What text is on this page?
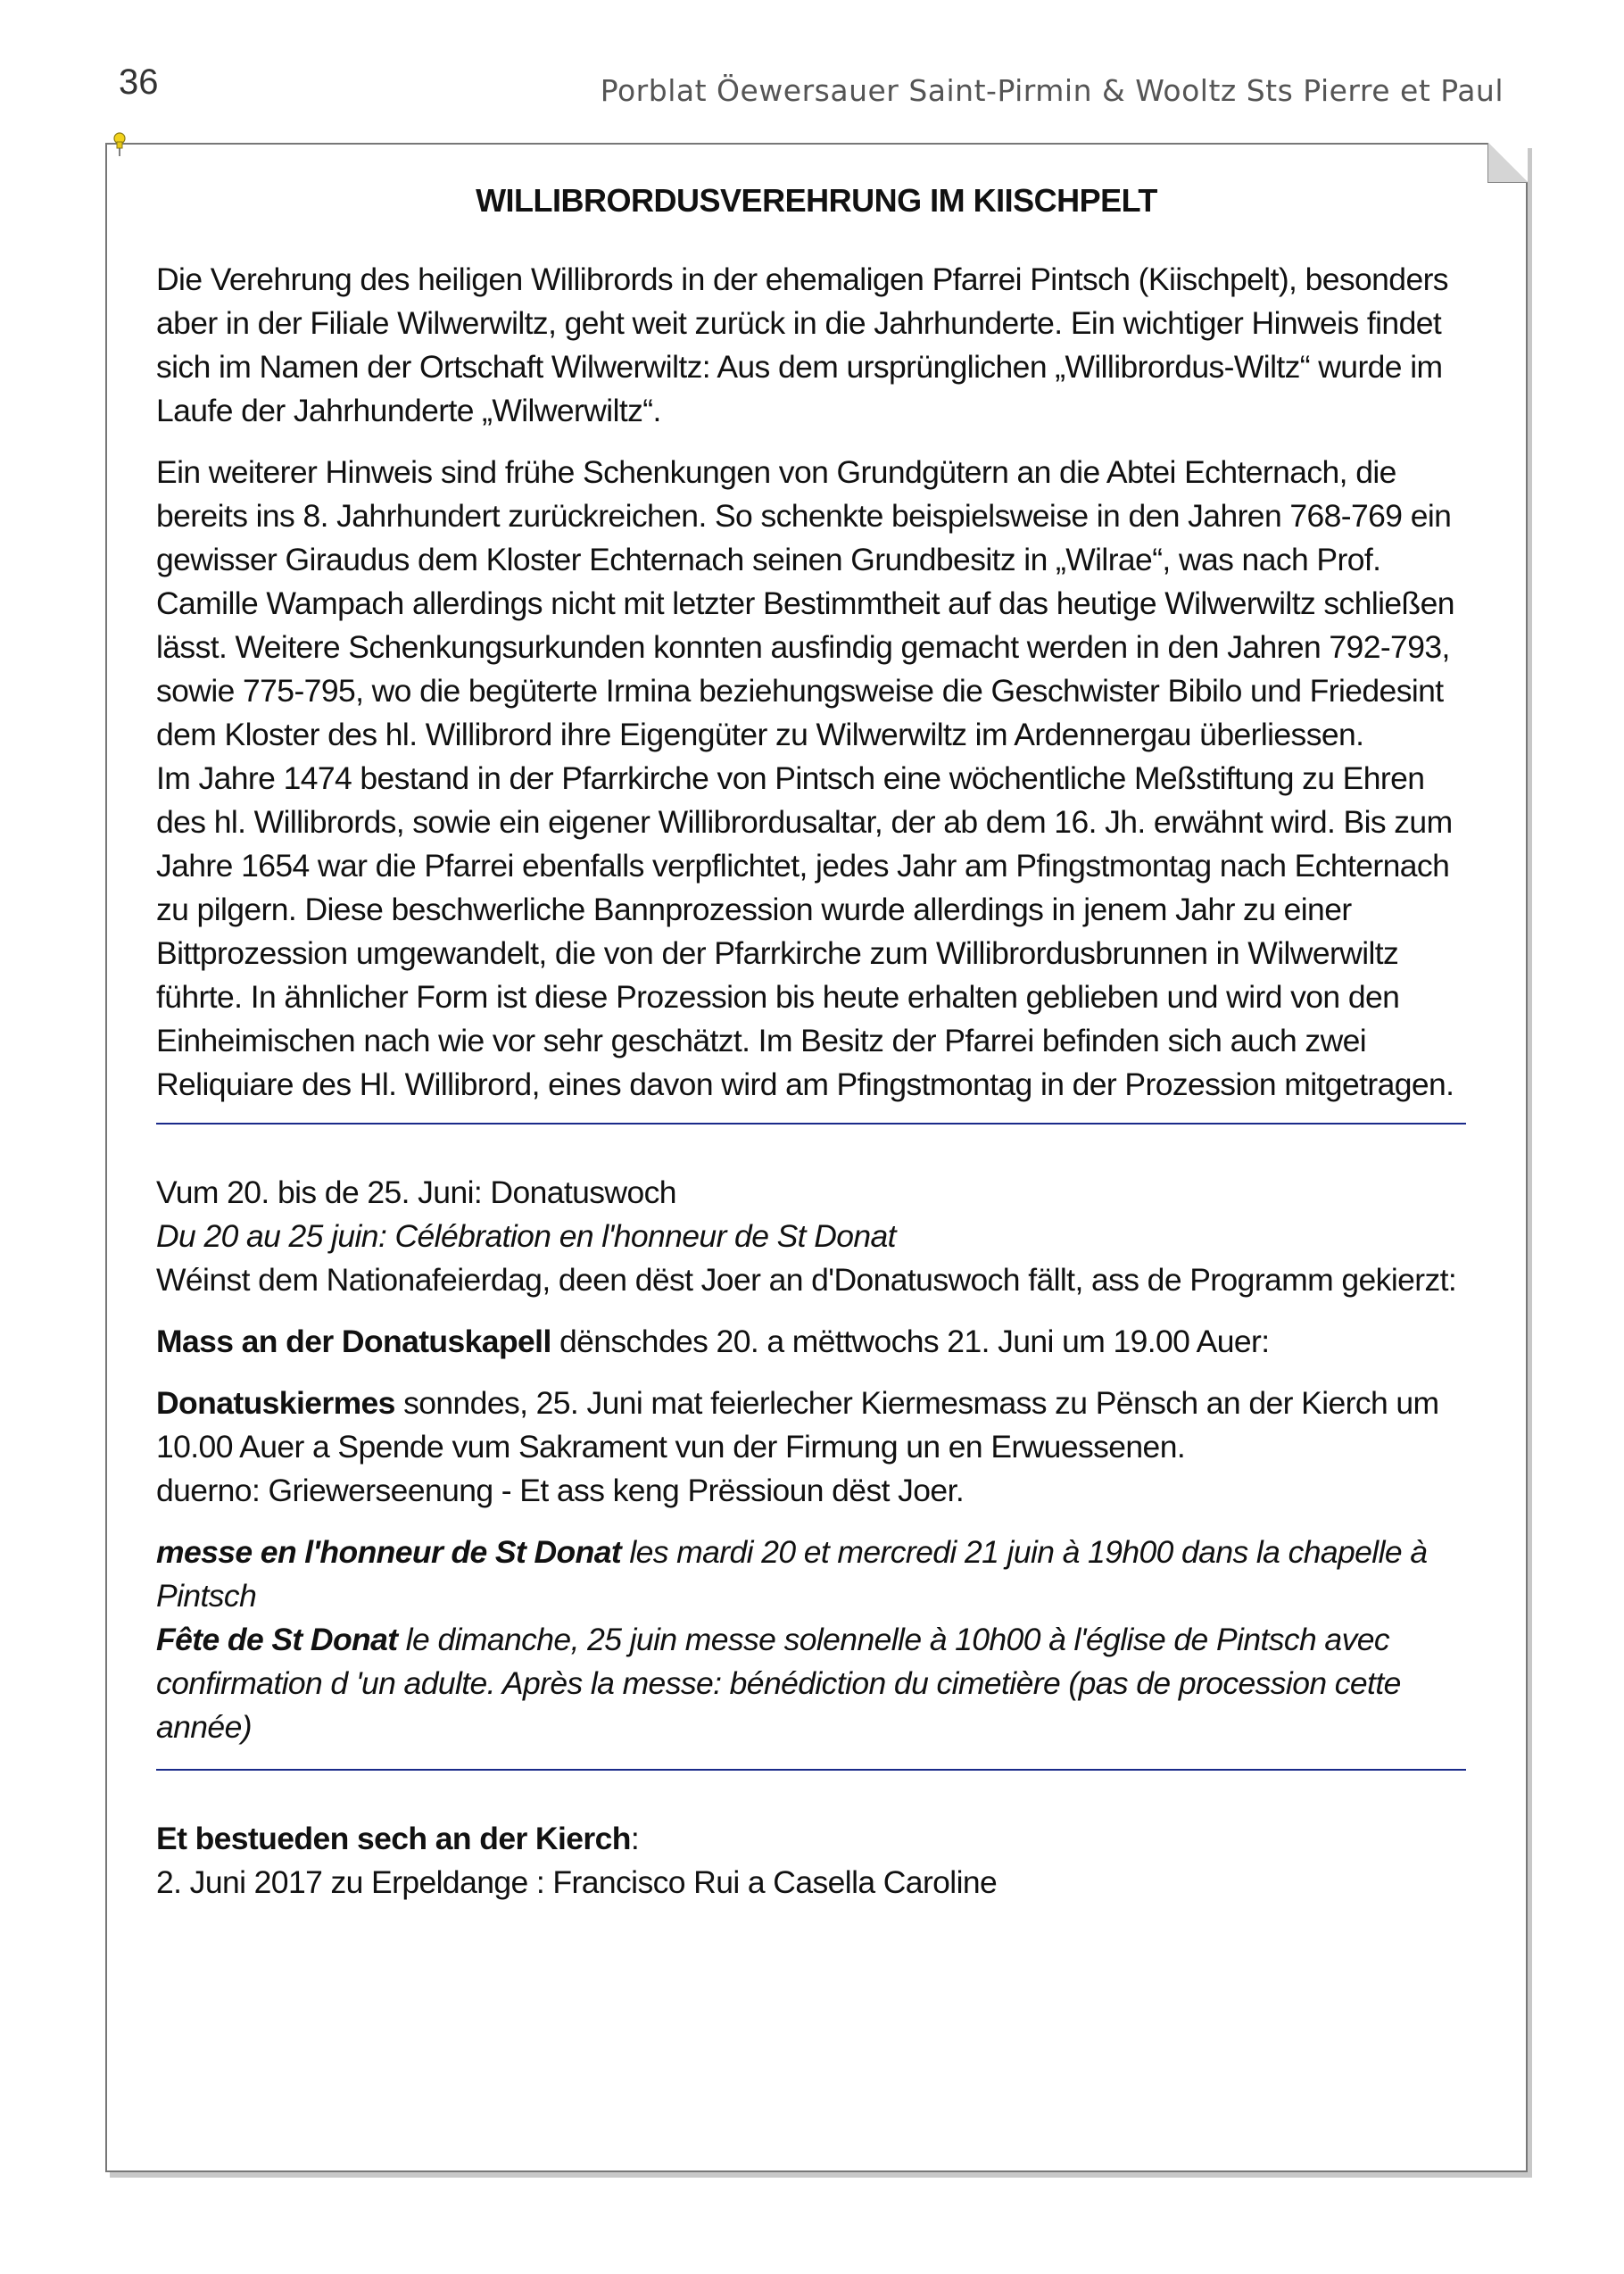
36	Porblat Öewersauer Saint-Pirmin & Wooltz Sts Pierre et Paul

WILLIBRORDUSVEREHRUNG IM KIISCHPELT

Die Verehrung des heiligen Willibrords in der ehemaligen Pfarrei Pintsch (Kiischpelt), besonders aber in der Filiale Wilwerwiltz, geht weit zurück in die Jahrhunderte. Ein wichtiger Hinweis findet sich im Namen der Ortschaft Wilwerwiltz: Aus dem ursprünglichen „Willibrordus-Wiltz“ wurde im Laufe der Jahrhunderte „Wilwerwiltz“.

Ein weiterer Hinweis sind frühe Schenkungen von Grundgütern an die Abtei Echternach, die bereits ins 8. Jahrhundert zurückreichen. So schenkte beispielsweise in den Jahren 768-769 ein gewisser Giraudus dem Kloster Echternach seinen Grundbesitz in „Wilrae“, was nach Prof. Camille Wampach allerdings nicht mit letzter Bestimmtheit auf das heutige Wilwerwiltz schließen lässt. Weitere Schenkungsurkunden konnten ausfindig gemacht werden in den Jahren 792-793, sowie 775-795, wo die begüterte Irmina beziehungsweise die Geschwister Bibilo und Friedesint dem Kloster des hl. Willibrord ihre Eigengüter zu Wilwerwiltz im Ardennergau überliessen.

Im Jahre 1474 bestand in der Pfarrkirche von Pintsch eine wöchentliche Meßstiftung zu Ehren des hl. Willibrords, sowie ein eigener Willibrordusaltar, der ab dem 16. Jh. erwähnt wird. Bis zum Jahre 1654 war die Pfarrei ebenfalls verpflichtet, jedes Jahr am Pfingstmontag nach Echternach zu pilgern. Diese beschwerliche Bannprozession wurde allerdings in jenem Jahr zu einer Bittprozession umgewandelt, die von der Pfarrkirche zum Willibrordusbrunnen in Wilwerwiltz führte. In ähnlicher Form ist diese Prozession bis heute erhalten geblieben und wird von den Einheimischen nach wie vor sehr geschätzt. Im Besitz der Pfarrei befinden sich auch zwei Reliquiare des Hl. Willibrord, eines davon wird am Pfingstmontag in der Prozession mitgetragen.

Vum 20. bis de 25. Juni: Donatuswoch

Du 20 au 25 juin: Célébration en l'honneur de St Donat

Wéinst dem Nationafeierdag, deen dëst Joer an d'Donatuswoch fällt, ass de Programm gekierzt:

Mass an der Donatuskapell dënschdes 20. a mëttwochs 21. Juni um 19.00 Auer:

Donatuskiermes sonndes, 25. Juni mat feierlecher Kiermesmass zu Pënsch an der Kierch um 10.00 Auer a Spende vum Sakrament vun der Firmung un en Erwuessenen.

duerno: Griewerseenung - Et ass keng Prëssioun dëst Joer.

messe en l'honneur de St Donat les mardi 20 et mercredi 21 juin à 19h00 dans la chapelle à Pintsch

Fête de St Donat le dimanche, 25 juin messe solennelle à 10h00 à l'église de Pintsch avec confirmation d 'un adulte. Après la messe: bénédiction du cimetière (pas de procession cette année)

Et bestueden sech an der Kierch:

2. Juni 2017 zu Erpeldange : Francisco Rui a Casella Caroline
